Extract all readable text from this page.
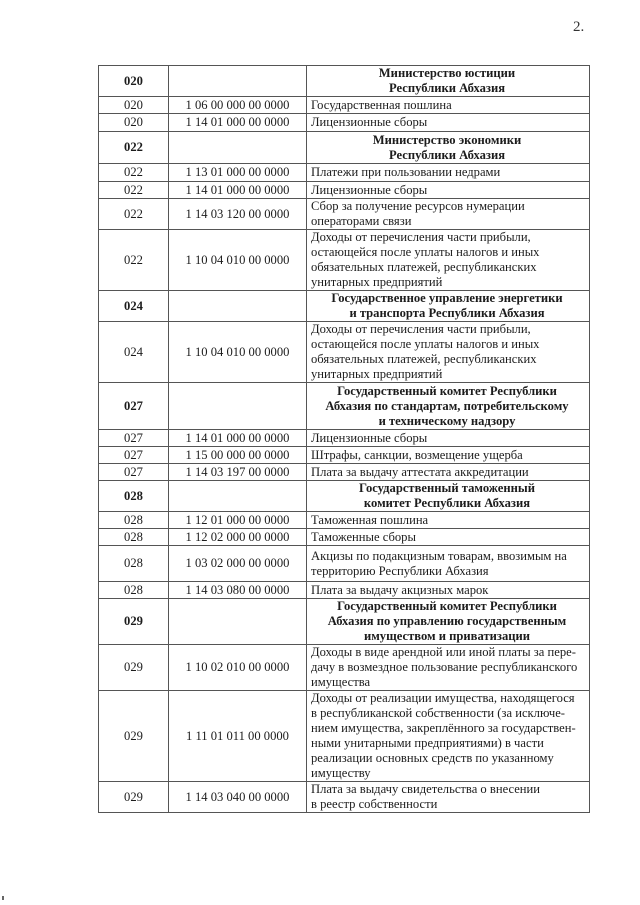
2.
020		Министерство юстиции
Республики Абхазия

020	1 06 00 000 00 0000	Государственная пошлина

020	1 14 01 000 00 0000	Лицензионные сборы

022		Министерство экономики
Республики Абхазия

022	1 13 01 000 00 0000	Платежи при пользовании недрами

022	1 14 01 000 00 0000	Лицензионные сборы

022	1 14 03 120 00 0000	Сбор за получение ресурсов нумерации
операторами связи

022	1 10 04 010 00 0000	Доходы от перечисления части прибыли,
остающейся после уплаты налогов и иных
обязательных платежей, республиканских
унитарных предприятий

024		Государственное управление энергетики
и транспорта Республики Абхазия

024	1 10 04 010 00 0000	Доходы от перечисления части прибыли,
остающейся после уплаты налогов и иных
обязательных платежей, республиканских
унитарных предприятий

027		Государственный комитет Республики
Абхазия по стандартам, потребительскому
и техническому надзору

027	1 14 01 000 00 0000	Лицензионные сборы

027	1 15 00 000 00 0000	Штрафы, санкции, возмещение ущерба

027	1 14 03 197 00 0000	Плата за выдачу аттестата аккредитации

028		Государственный таможенный
комитет Республики Абхазия

028	1 12 01 000 00 0000	Таможенная пошлина

028	1 12 02 000 00 0000	Таможенные сборы

028	1 03 02 000 00 0000	Акцизы по подакцизным товарам, ввозимым на
территорию Республики Абхазия

028	1 14 03 080 00 0000	Плата за выдачу акцизных марок

029		Государственный комитет Республики
Абхазия по управлению государственным
имуществом и приватизации

029	1 10 02 010 00 0000	Доходы в виде арендной или иной платы за пере-
дачу в возмездное пользование республиканского
имущества

029	1 11 01 011 00 0000	
Доходы от реализации имущества, находящегося
в республиканской собственности (за исключе-
нием имущества, закреплённого за государствен-
ными унитарными предприятиями) в части
реализации основных средств по указанному
имуществу

029	1 14 03 040 00 0000	Плата за выдачу свидетельства о внесении
в реестр собственности
